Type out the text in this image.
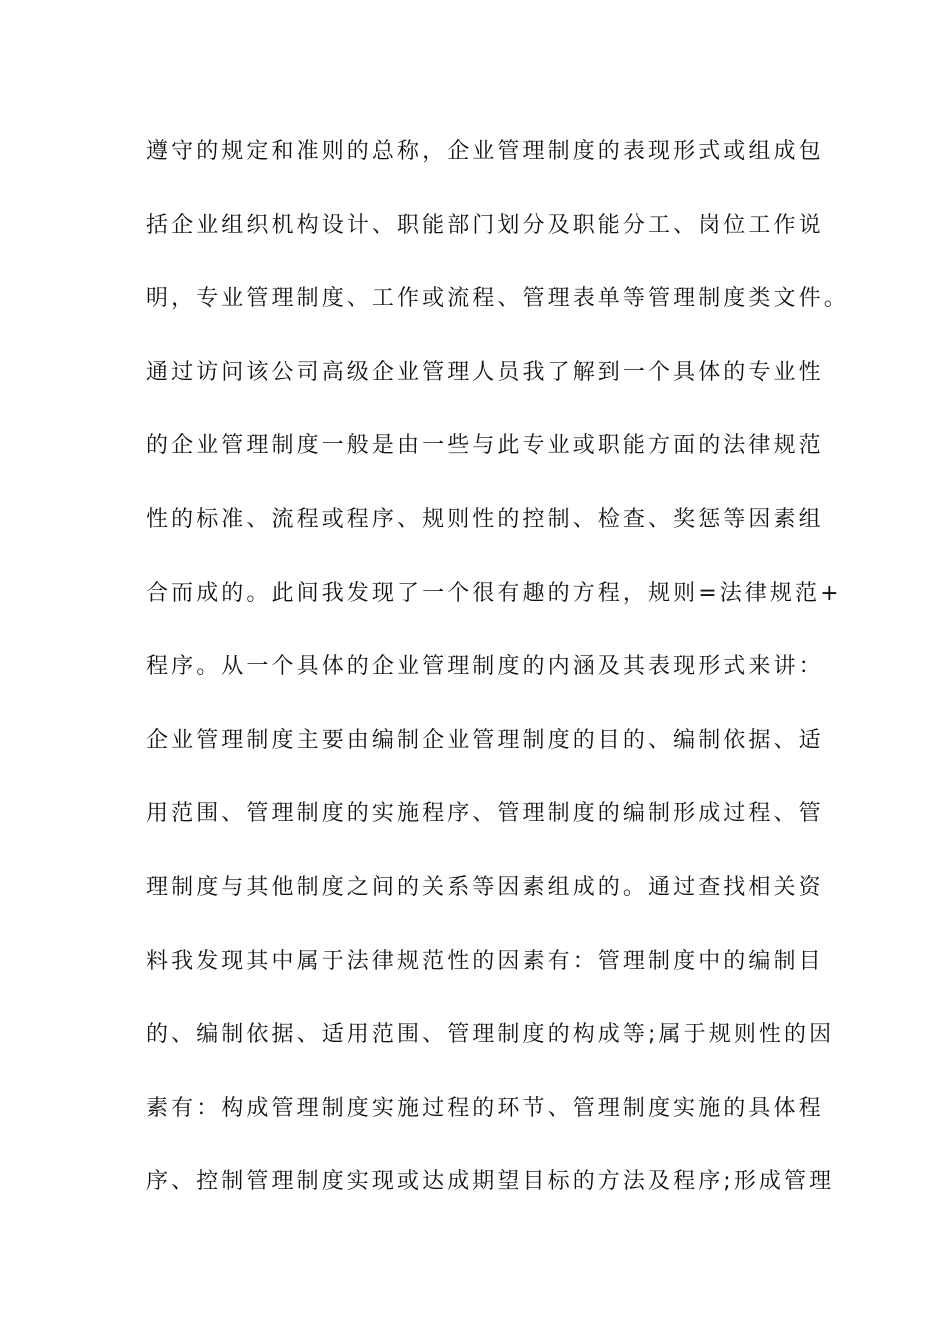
遵守的规定和准则的总称，企业管理制度的表现形式或组成包
括企业组织机构设计、职能部门划分及职能分工、岗位工作说
明，专业管理制度、工作或流程、管理表单等管理制度类文件。
通过访问该公司高级企业管理人员我了解到一个具体的专业性
的企业管理制度一般是由一些与此专业或职能方面的法律规范
性的标准、流程或程序、规则性的控制、检查、奖惩等因素组
合而成的。此间我发现了一个很有趣的方程，规则=法律规范+
程序。从一个具体的企业管理制度的内涵及其表现形式来讲：
企业管理制度主要由编制企业管理制度的目的、编制依据、适
用范围、管理制度的实施程序、管理制度的编制形成过程、管
理制度与其他制度之间的关系等因素组成的。通过查找相关资
料我发现其中属于法律规范性的因素有：管理制度中的编制目
的、编制依据、适用范围、管理制度的构成等;属于规则性的因
素有：构成管理制度实施过程的环节、管理制度实施的具体程
序、控制管理制度实现或达成期望目标的方法及程序;形成管理
